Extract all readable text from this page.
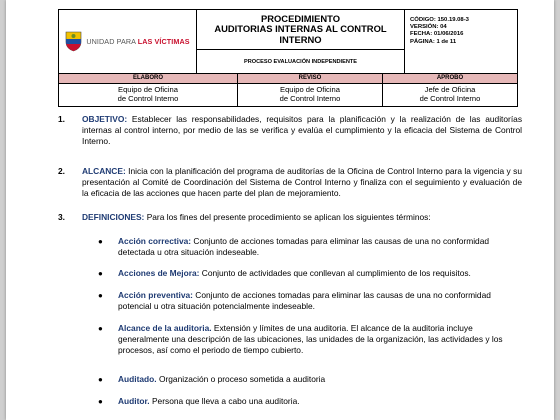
UNIDAD PARA LAS VÍCTIMAS
PROCEDIMIENTO
AUDITORIAS INTERNAS AL CONTROL
INTERNO
PROCESO EVALUACIÓN INDEPENDIENTE
CÓDIGO: 150.19.08-3
VERSIÓN: 04
FECHA: 01/06/2016
PÁGINA: 1 de 11
ELABORÓ	REVISÓ	APROBÓ
Equipo de Oficina
de Control Interno
Equipo de Oficina
de Control Interno
Jefe de Oficina
de Control Interno
1. OBJETIVO: Establecer las responsabilidades, requisitos para la planificación y la realización de las auditorías internas al control interno, por medio de las se verifica y evalúa el cumplimiento y la eficacia del Sistema de Control Interno.
2. ALCANCE: Inicia con la planificación del programa de auditorías de la Oficina de Control Interno para la vigencia y su presentación al Comité de Coordinación del Sistema de Control Interno y finaliza con el seguimiento y evaluación de la eficacia de las acciones que hacen parte del plan de mejoramiento.
3. DEFINICIONES: Para los fines del presente procedimiento se aplican los siguientes términos:
● Acción correctiva: Conjunto de acciones tomadas para eliminar las causas de una no conformidad detectada u otra situación indeseable.
● Acciones de Mejora: Conjunto de actividades que conllevan al cumplimiento de los requisitos.
● Acción preventiva: Conjunto de acciones tomadas para eliminar las causas de una no conformidad potencial u otra situación potencialmente indeseable.
● Alcance de la auditoria. Extensión y límites de una auditoria. El alcance de la auditoria incluye generalmente una descripción de las ubicaciones, las unidades de la organización, las actividades y los procesos, así como el periodo de tiempo cubierto.
● Auditado. Organización o proceso sometida a auditoria
● Auditor. Persona que lleva a cabo una auditoria.
